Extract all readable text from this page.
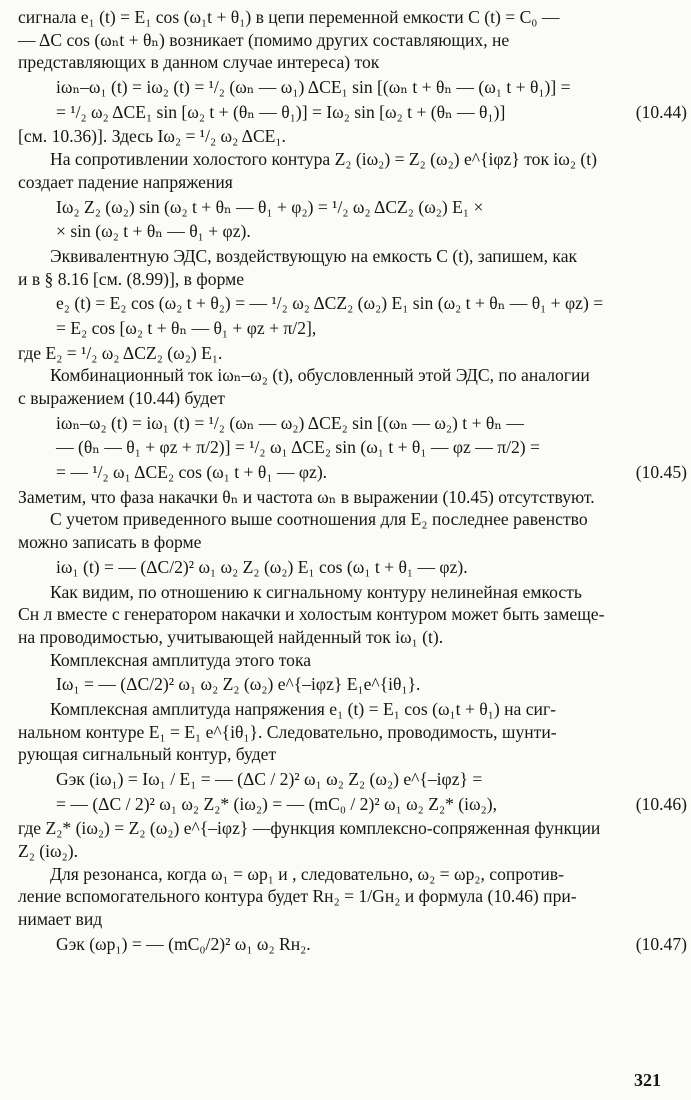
сигнала e₁ (t) = E₁ cos (ω₁t + θ₁) в цепи переменной емкости C (t) = C₀ —
— ΔC cos (ωₙt + θₙ) возникает (помимо других составляющих, не
представляющих в данном случае интереса) ток
iωₙ–ω₁ (t) = iω₂ (t) = ¹/₂ (ωₙ — ω₁) ΔCE₁ sin [(ωₙ t + θₙ — (ω₁ t + θ₁)] =
= ¹/₂ ω₂ ΔCE₁ sin [ω₂ t + (θₙ — θ₁)] = Iω₂ sin [ω₂ t + (θₙ — θ₁)]	(10.44)
[см. 10.36)]. Здесь Iω₂ = ¹/₂ ω₂ ΔCE₁.
На сопротивлении холостого контура Z₂ (iω₂) = Z₂ (ω₂) e^{iφz} ток iω₂ (t)
создает падение напряжения
Iω₂ Z₂ (ω₂) sin (ω₂ t + θₙ — θ₁ + φ₂) = ¹/₂ ω₂ ΔCZ₂ (ω₂) E₁ ×
× sin (ω₂ t + θₙ — θ₁ + φz).
Эквивалентную ЭДС, воздействующую на емкость C (t), запишем, как
и в § 8.16 [см. (8.99)], в форме
e₂ (t) = E₂ cos (ω₂ t + θ₂) = — ¹/₂ ω₂ ΔCZ₂ (ω₂) E₁ sin (ω₂ t + θₙ — θ₁ + φz) =
= E₂ cos [ω₂ t + θₙ — θ₁ + φz + π/2],
где E₂ = ¹/₂ ω₂ ΔCZ₂ (ω₂) E₁.
Комбинационный ток iωₙ–ω₂ (t), обусловленный этой ЭДС, по аналогии
с выражением (10.44) будет
iωₙ–ω₂ (t) = iω₁ (t) = ¹/₂ (ωₙ — ω₂) ΔCE₂ sin [(ωₙ — ω₂) t + θₙ —
— (θₙ — θ₁ + φz + π/2)] = ¹/₂ ω₁ ΔCE₂ sin (ω₁ t + θ₁ — φz — π/2) =
= — ¹/₂ ω₁ ΔCE₂ cos (ω₁ t + θ₁ — φz).	(10.45)
Заметим, что фаза накачки θₙ и частота ωₙ в выражении (10.45) отсутствуют.
С учетом приведенного выше соотношения для E₂ последнее равенство
можно записать в форме
iω₁ (t) = — (ΔC/2)² ω₁ ω₂ Z₂ (ω₂) E₁ cos (ω₁ t + θ₁ — φz).
Как видим, по отношению к сигнальному контуру нелинейная емкость
Cн л вместе с генератором накачки и холостым контуром может быть замеще-
на проводимостью, учитывающей найденный ток iω₁ (t).
Комплексная амплитуда этого тока
Iω₁ = — (ΔC/2)² ω₁ ω₂ Z₂ (ω₂) e^{–iφz} E₁e^{iθ₁}.
Комплексная амплитуда напряжения e₁ (t) = E₁ cos (ω₁t + θ₁) на сиг-
нальном контуре E₁ = E₁ e^{iθ₁}. Следовательно, проводимость, шунти-
рующая сигнальный контур, будет
Gэк (iω₁) = Iω₁ / E₁ = — (ΔC / 2)² ω₁ ω₂ Z₂ (ω₂) e^{–iφz} =
= — (ΔC / 2)² ω₁ ω₂ Z₂* (iω₂) = — (mC₀ / 2)² ω₁ ω₂ Z₂* (iω₂),	(10.46)
где Z₂* (iω₂) = Z₂ (ω₂) e^{–iφz} —функция комплексно-сопряженная функции
Z₂ (iω₂).
Для резонанса, когда ω₁ = ωp₁ и , следовательно, ω₂ = ωp₂, сопротив-
ление вспомогательного контура будет Rн₂ = 1/Gн₂ и формула (10.46) при-
нимает вид
Gэк (ωp₁) = — (mC₀/2)² ω₁ ω₂ Rн₂.	(10.47)
321
